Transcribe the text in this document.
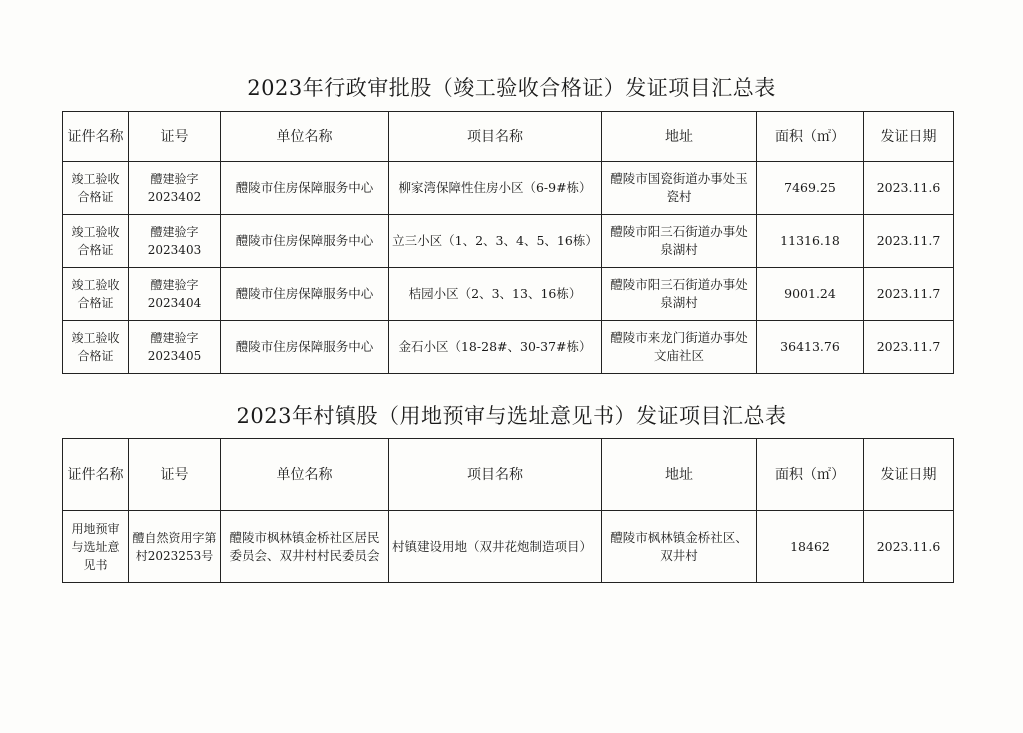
2023年行政审批股（竣工验收合格证）发证项目汇总表
证件名称	证号	单位名称	项目名称	地址	面积（㎡）	发证日期
竣工验收合格证	醴建验字2023402	醴陵市住房保障服务中心	柳家湾保障性住房小区（6-9#栋）	醴陵市国瓷街道办事处玉瓷村	7469.25	2023.11.6
竣工验收合格证	醴建验字2023403	醴陵市住房保障服务中心	立三小区（1、2、3、4、5、16栋）	醴陵市阳三石街道办事处泉湖村	11316.18	2023.11.7
竣工验收合格证	醴建验字2023404	醴陵市住房保障服务中心	桔园小区（2、3、13、16栋）	醴陵市阳三石街道办事处泉湖村	9001.24	2023.11.7
竣工验收合格证	醴建验字2023405	醴陵市住房保障服务中心	金石小区（18-28#、30-37#栋）	醴陵市来龙门街道办事处文庙社区	36413.76	2023.11.7
2023年村镇股（用地预审与选址意见书）发证项目汇总表
证件名称	证号	单位名称	项目名称	地址	面积（㎡）	发证日期
用地预审与选址意见书	醴自然资用字第村2023253号	醴陵市枫林镇金桥社区居民委员会、双井村村民委员会	村镇建设用地（双井花炮制造项目）	醴陵市枫林镇金桥社区、双井村	18462	2023.11.6
